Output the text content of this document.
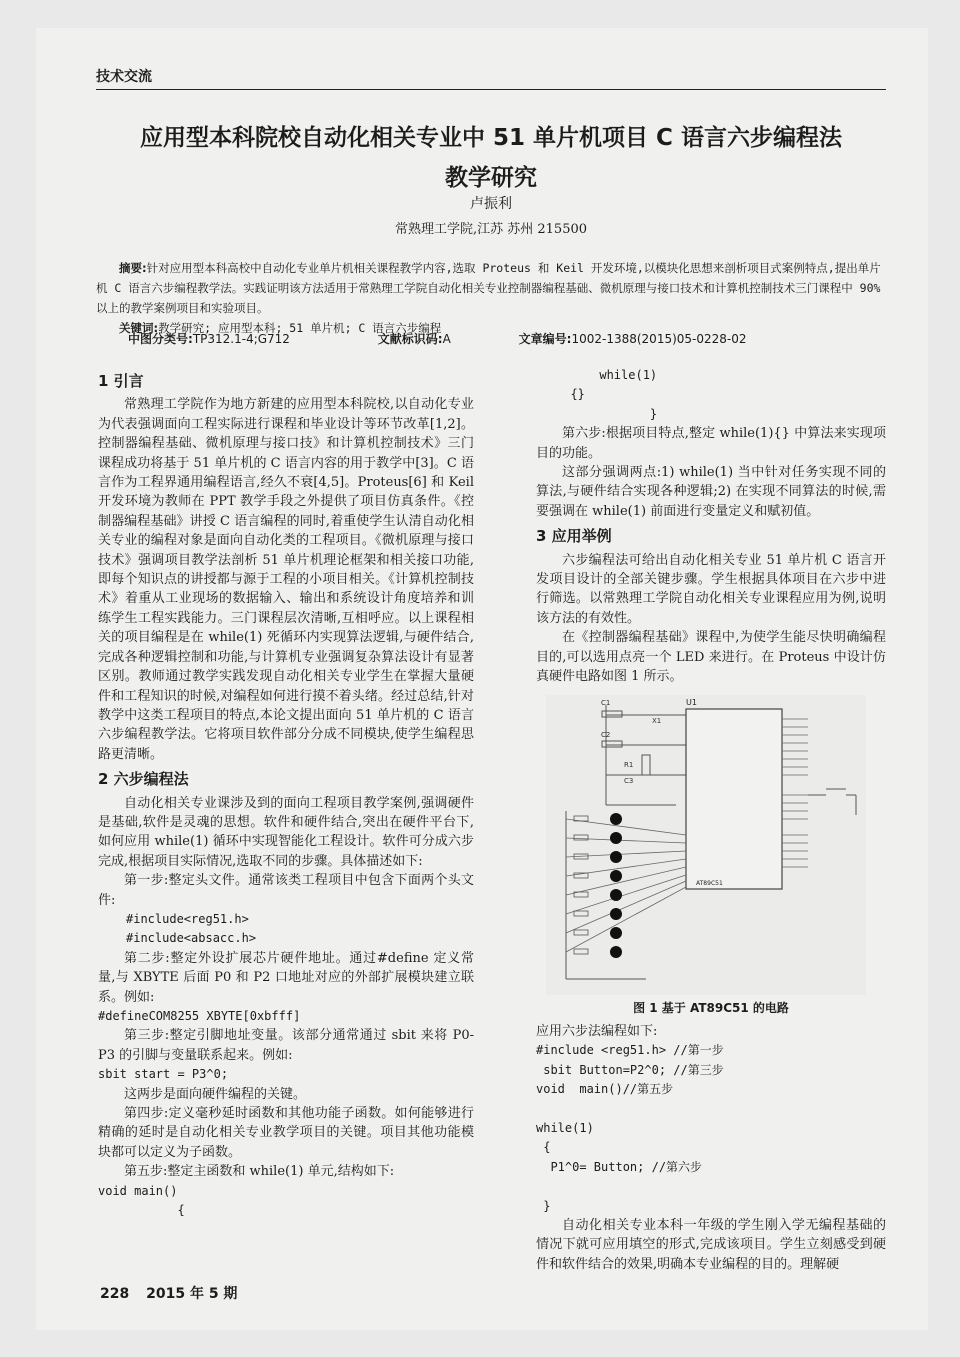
技术交流
应用型本科院校自动化相关专业中 51 单片机项目 C 语言六步编程法
教学研究
卢振利
常熟理工学院,江苏 苏州 215500
摘要:针对应用型本科高校中自动化专业单片机相关课程教学内容,选取 Proteus 和 Keil 开发环境,以模块化思想来剖析项目式案例特点,提出单片机 C 语言六步编程教学法。实践证明该方法适用于常熟理工学院自动化相关专业控制器编程基础、微机原理与接口技术和计算机控制技术三门课程中 90%以上的教学案例项目和实验项目。
关键词:教学研究; 应用型本科; 51 单片机; C 语言六步编程
中图分类号:TP312.1-4;G712	文献标识码:A	文章编号:1002-1388(2015)05-0228-02
1 引言

常熟理工学院作为地方新建的应用型本科院校,以自动化专业为代表强调面向工程实际进行课程和毕业设计等环节改革[1,2]。控制器编程基础、微机原理与接口技》和计算机控制技术》三门课程成功将基于 51 单片机的 C 语言内容的用于教学中[3]。C 语言作为工程界通用编程语言,经久不衰[4,5]。Proteus[6] 和 Keil 开发环境为教师在 PPT 教学手段之外提供了项目仿真条件。《控制器编程基础》讲授 C 语言编程的同时,着重使学生认清自动化相关专业的编程对象是面向自动化类的工程项目。《微机原理与接口技术》强调项目教学法剖析 51 单片机理论框架和相关接口功能,即每个知识点的讲授都与源于工程的小项目相关。《计算机控制技术》着重从工业现场的数据输入、输出和系统设计角度培养和训练学生工程实践能力。三门课程层次清晰,互相呼应。以上课程相关的项目编程是在 while(1) 死循环内实现算法逻辑,与硬件结合,完成各种逻辑控制和功能,与计算机专业强调复杂算法设计有显著区别。教师通过教学实践发现自动化相关专业学生在掌握大量硬件和工程知识的时候,对编程如何进行摸不着头绪。经过总结,针对教学中这类工程项目的特点,本论文提出面向 51 单片机的 C 语言六步编程教学法。它将项目软件部分分成不同模块,使学生编程思路更清晰。

2 六步编程法

自动化相关专业课涉及到的面向工程项目教学案例,强调硬件是基础,软件是灵魂的思想。软件和硬件结合,突出在硬件平台下,如何应用 while(1) 循环中实现智能化工程设计。软件可分成六步完成,根据项目实际情况,选取不同的步骤。具体描述如下:

第一步:整定头文件。通常该类工程项目中包含下面两个头文件:

#include<reg51.h>
#include<absacc.h>

第二步:整定外设扩展芯片硬件地址。通过#define 定义常量,与 XBYTE 后面 P0 和 P2 口地址对应的外部扩展模块建立联系。例如:

#defineCOM8255 XBYTE[0xbfff]

第三步:整定引脚地址变量。该部分通常通过 sbit 来将 P0-P3 的引脚与变量联系起来。例如:

sbit start = P3^0;

这两步是面向硬件编程的关键。

第四步:定义毫秒延时函数和其他功能子函数。如何能够进行精确的延时是自动化相关专业教学项目的关键。项目其他功能模块都可以定义为子函数。

第五步:整定主函数和 while(1) 单元,结构如下:

void main()
{
while(1)
{}
}

第六步:根据项目特点,整定 while(1){} 中算法来实现项目的功能。

这部分强调两点:1) while(1) 当中针对任务实现不同的算法,与硬件结合实现各种逻辑;2) 在实现不同算法的时候,需要强调在 while(1) 前面进行变量定义和赋初值。

3 应用举例

六步编程法可给出自动化相关专业 51 单片机 C 语言开发项目设计的全部关键步骤。学生根据具体项目在六步中进行筛选。以常熟理工学院自动化相关专业课程应用为例,说明该方法的有效性。

在《控制器编程基础》课程中,为使学生能尽快明确编程目的,可以选用点亮一个 LED 来进行。在 Proteus 中设计仿真硬件电路如图 1 所示。

C1
C2
R1
C3
X1
U1
AT89C51
图 1 基于 AT89C51 的电路
应用六步法编程如下:
#include <reg51.h> //第一步
sbit Button=P2^0; //第三步
void  main()//第五步

while(1)
{
P1^0= Button; //第六步

}

自动化相关专业本科一年级的学生刚入学无编程基础的情况下就可应用填空的形式,完成该项目。学生立刻感受到硬件和软件结合的效果,明确本专业编程的目的。理解硬

228 2015 年 5 期
